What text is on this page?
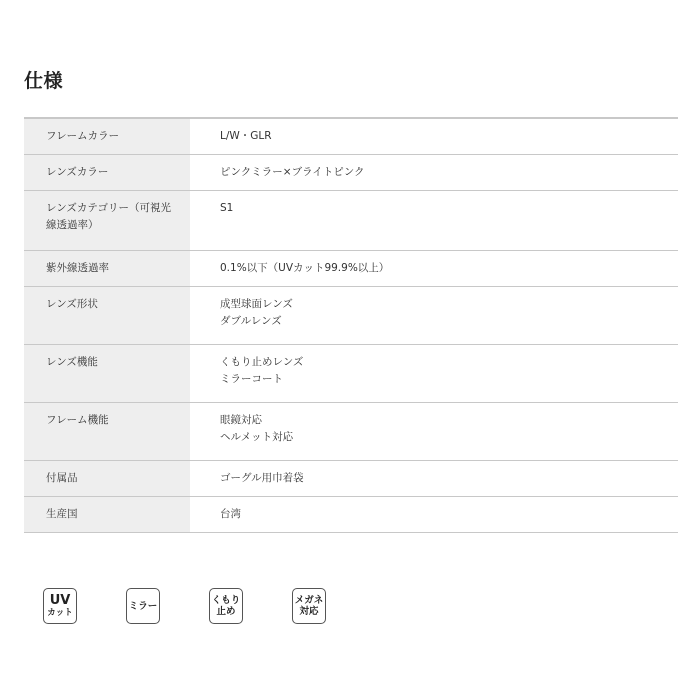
仕様
フレームカラー	L/W・GLR

レンズカラー	ピンクミラー×ブライトピンク

レンズカテゴリー（可視光線透過率）	S1

紫外線透過率	0.1%以下（UVカット99.9%以上）

レンズ形状	成型球面レンズ
ダブルレンズ

レンズ機能	くもり止めレンズ
ミラーコート

フレーム機能	眼鏡対応
ヘルメット対応

付属品	ゴーグル用巾着袋

生産国	台湾
UV
カット
ミラー	くもり
止め
メガネ
対応
